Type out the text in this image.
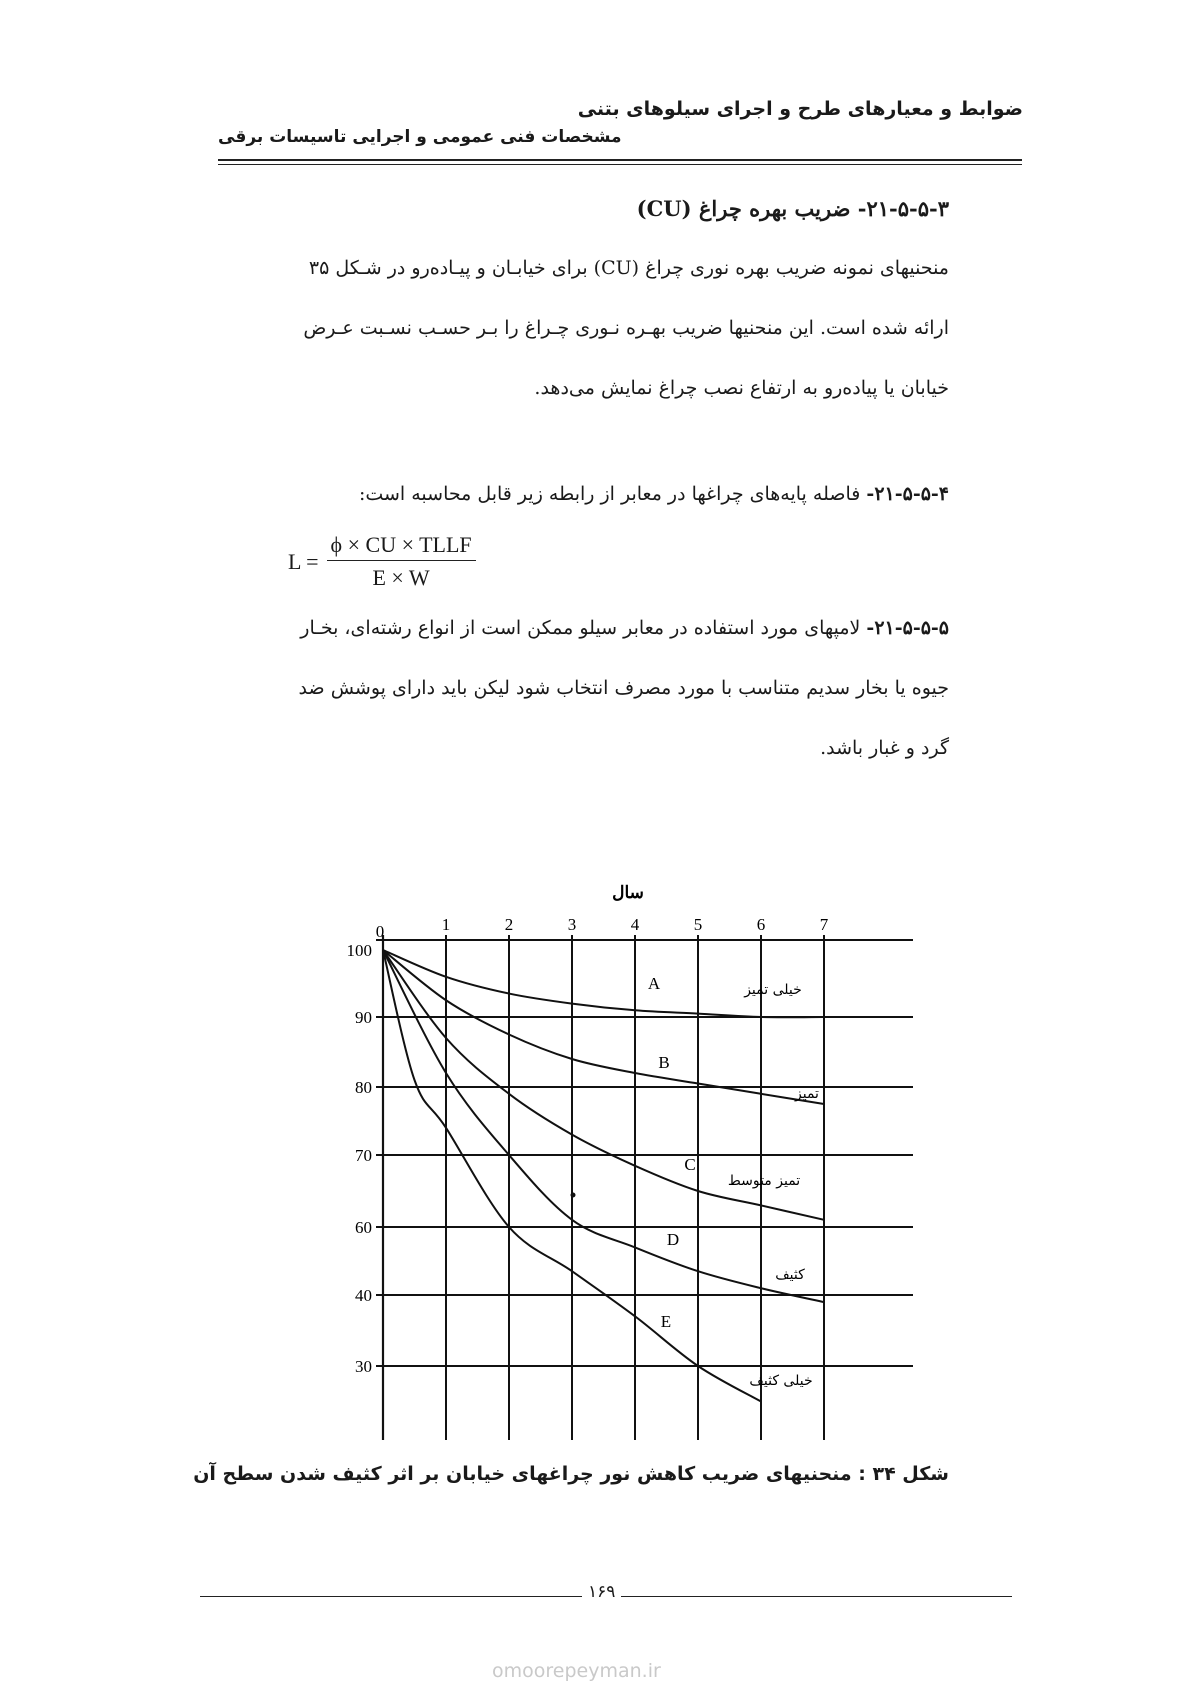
ضوابط و معیارهای طرح و اجرای سیلوهای بتنی
مشخصات فنی عمومی و اجرایی تاسیسات برقی
۲۱-۵-۵-۳- ضریب بهره چراغ (CU)
منحنیهای نمونه ضریب بهره نوری چراغ (CU) برای خیابـان و پیـاده‌رو در شـکل ۳۵
ارائه شده است. این منحنیها ضریب بهـره نـوری چـراغ را بـر حسـب نسـبت عـرض
خیابان یا پیاده‌رو به ارتفاع نصب چراغ نمایش می‌دهد.
۲۱-۵-۵-۴- فاصله پایه‌های چراغها در معابر از رابطه زیر قابل محاسبه است:
$L = \frac{\text{ϕ × CU × TLLF}}{E \times W}$
۲۱-۵-۵-۵- لامپهای مورد استفاده در معابر سیلو ممکن است از انواع رشته‌ای، بخـار
جیوه یا بخار سدیم متناسب با مورد مصرف انتخاب شود لیکن باید دارای پوشش ضد
گرد و غبار باشد.
سال
0	1	2	3	4	5	6	7
100
90
80
70
60
40
30
A	خیلی تمیز
B
تمیز
C
تمیز متوسط
D
کثیف
E
خیلی کثیف
شکل ۳۴ : منحنیهای ضریب کاهش نور چراغهای خیابان بر اثر کثیف شدن سطح آن
۱۶۹
omoorepeyman.ir
